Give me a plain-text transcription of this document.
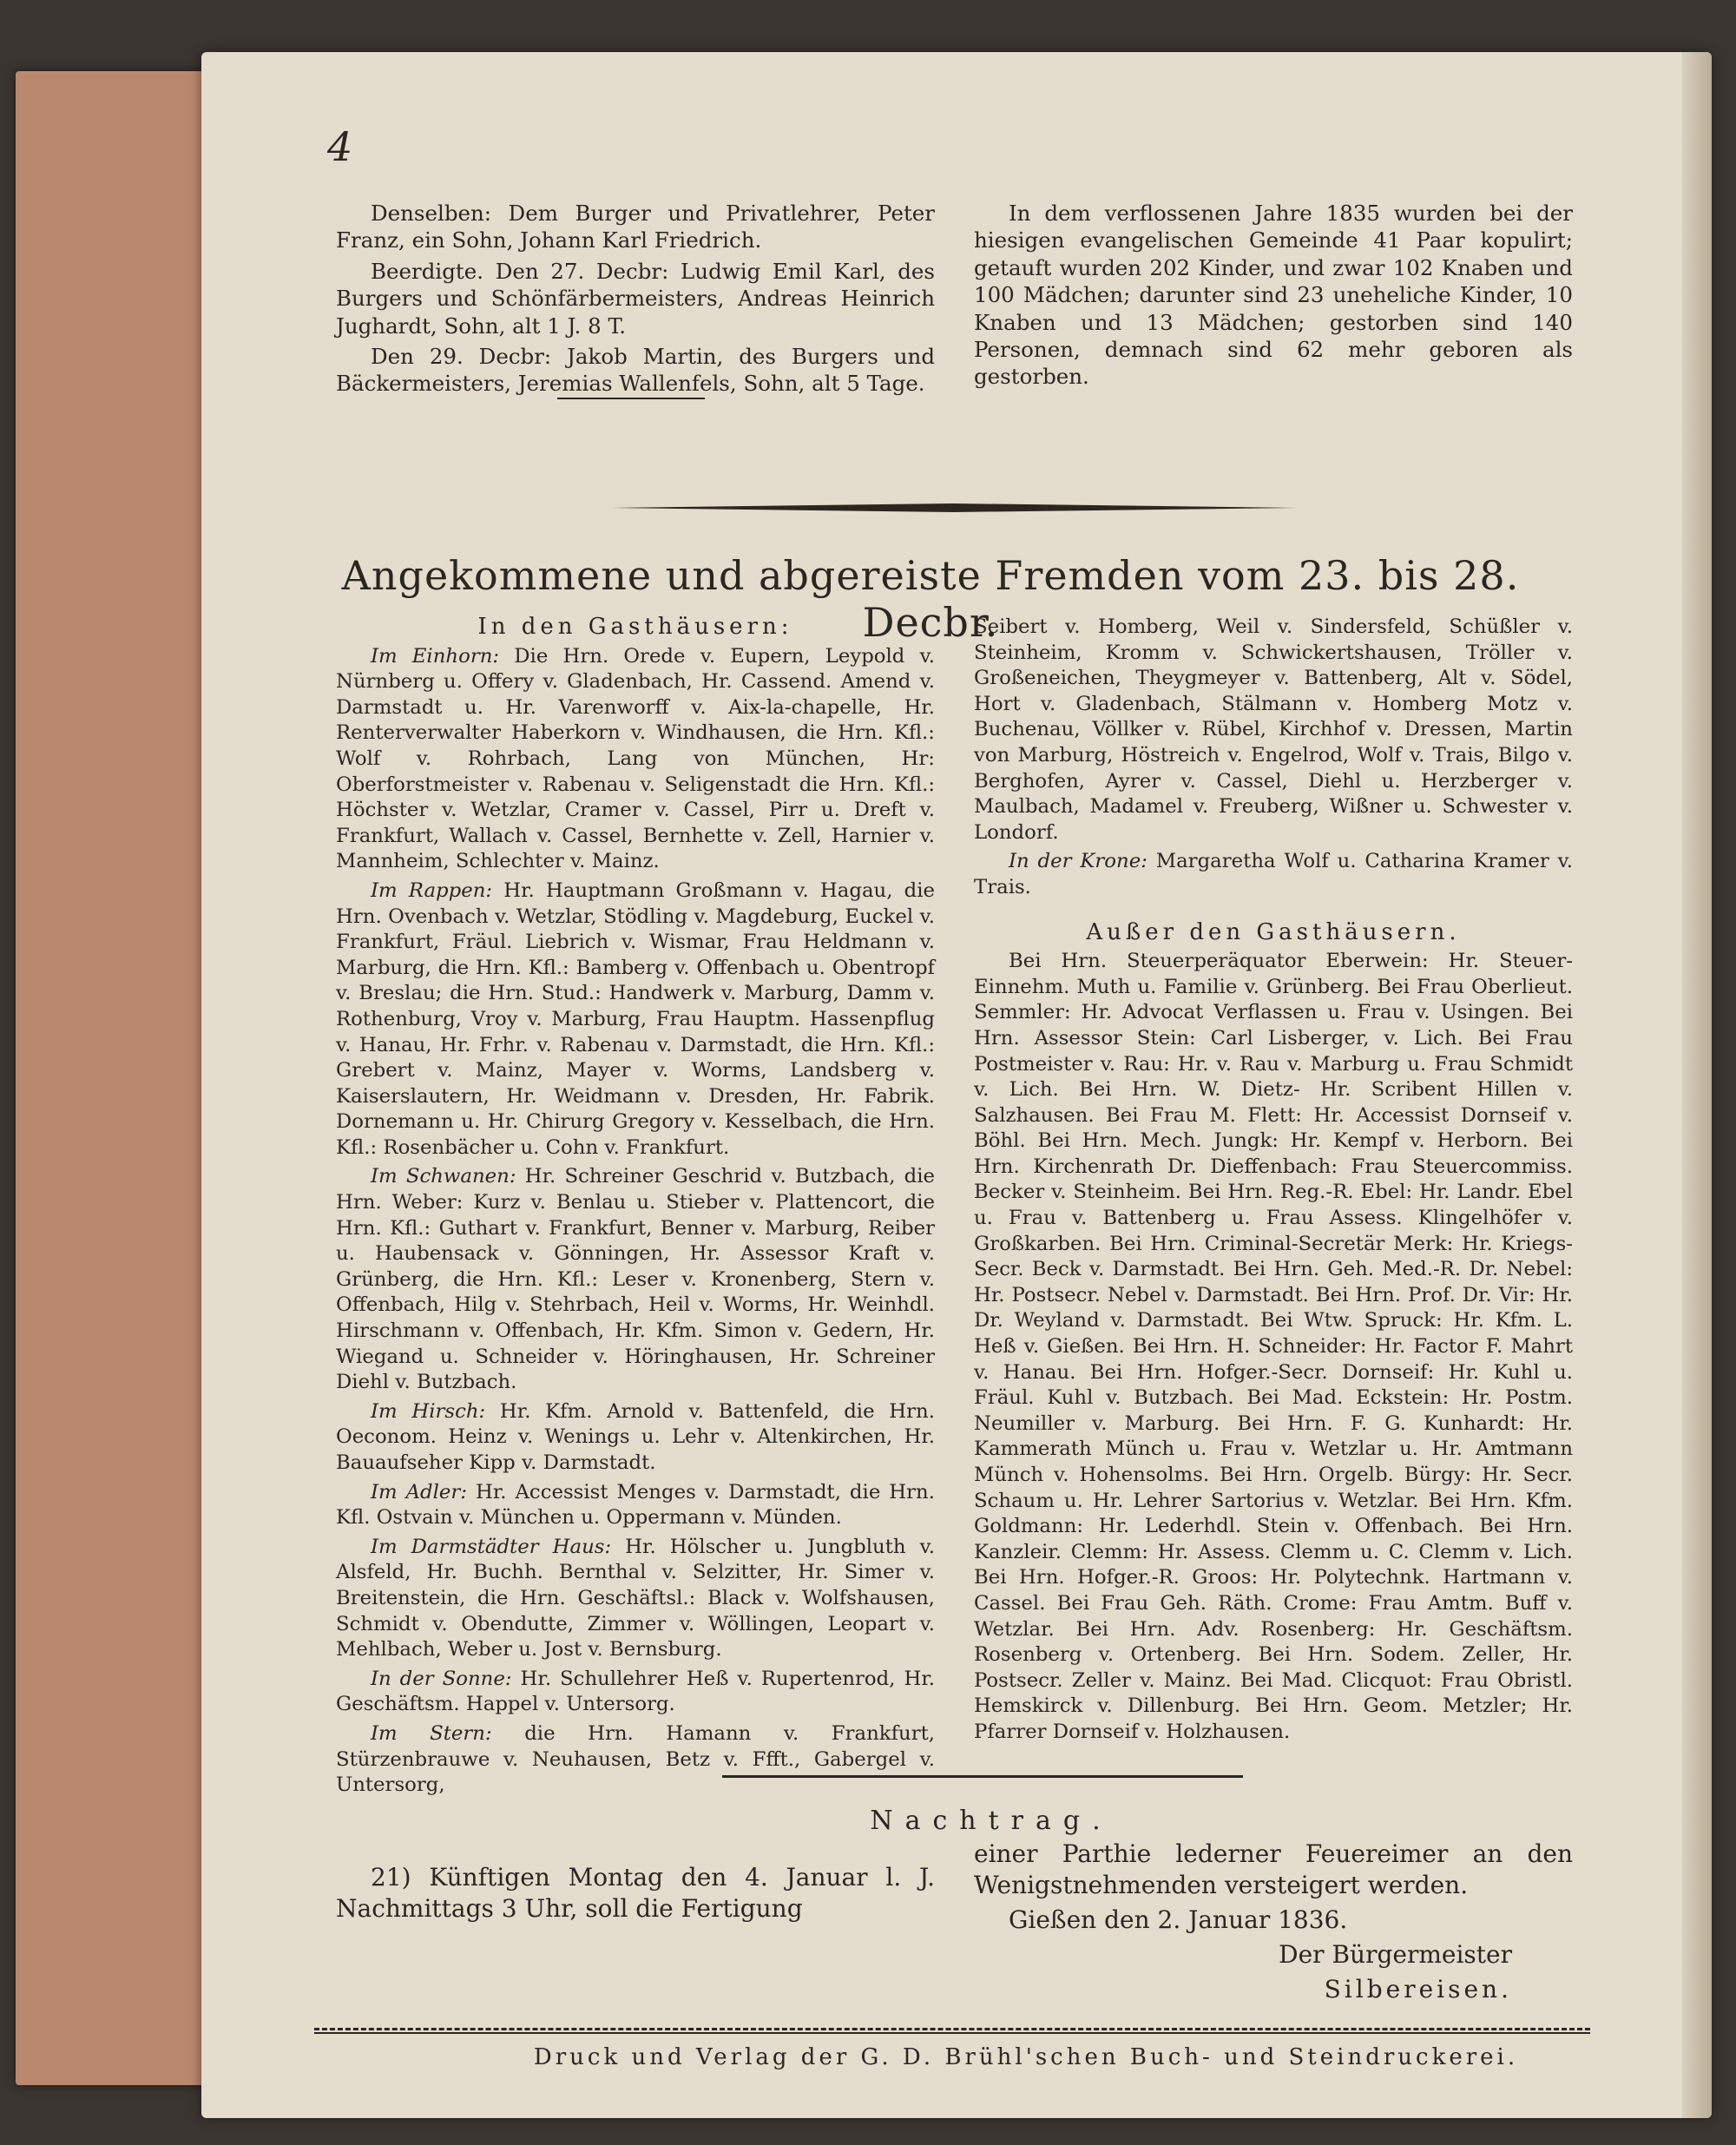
4

Denselben: Dem Burger und Privatlehrer, Peter Franz, ein Sohn, Johann Karl Friedrich.

Beerdigte. Den 27. Decbr: Ludwig Emil Karl, des Burgers und Schönfärbermeisters, Andreas Heinrich Jughardt, Sohn, alt 1 J. 8 T.

Den 29. Decbr: Jakob Martin, des Burgers und Bäckermeisters, Jeremias Wallenfels, Sohn, alt 5 Tage.

In dem verflossenen Jahre 1835 wurden bei der hiesigen evangelischen Gemeinde 41 Paar kopulirt; getauft wurden 202 Kinder, und zwar 102 Knaben und 100 Mädchen; darunter sind 23 uneheliche Kinder, 10 Knaben und 13 Mädchen; gestorben sind 140 Personen, demnach sind 62 mehr geboren als gestorben.

Angekommene und abgereiste Fremden vom 23. bis 28. Decbr.

In den Gasthäusern:

Im Einhorn: Die Hrn. Orede v. Eupern, Leypold v. Nürnberg u. Offery v. Gladenbach, Hr. Cassend. Amend v. Darmstadt u. Hr. Varenworff v. Aix-la-chapelle, Hr. Renterverwalter Haberkorn v. Windhausen, die Hrn. Kfl.: Wolf v. Rohrbach, Lang von München, Hr: Oberforstmeister v. Rabenau v. Seligenstadt die Hrn. Kfl.: Höchster v. Wetzlar, Cramer v. Cassel, Pirr u. Dreft v. Frankfurt, Wallach v. Cassel, Bernhette v. Zell, Harnier v. Mannheim, Schlechter v. Mainz.

Im Rappen: Hr. Hauptmann Großmann v. Hagau, die Hrn. Ovenbach v. Wetzlar, Stödling v. Magdeburg, Euckel v. Frankfurt, Fräul. Liebrich v. Wismar, Frau Heldmann v. Marburg, die Hrn. Kfl.: Bamberg v. Offenbach u. Obentropf v. Breslau; die Hrn. Stud.: Handwerk v. Marburg, Damm v. Rothenburg, Vroy v. Marburg, Frau Hauptm. Hassenpflug v. Hanau, Hr. Frhr. v. Rabenau v. Darmstadt, die Hrn. Kfl.: Grebert v. Mainz, Mayer v. Worms, Landsberg v. Kaiserslautern, Hr. Weidmann v. Dresden, Hr. Fabrik. Dornemann u. Hr. Chirurg Gregory v. Kesselbach, die Hrn. Kfl.: Rosenbächer u. Cohn v. Frankfurt.

Im Schwanen: Hr. Schreiner Geschrid v. Butzbach, die Hrn. Weber: Kurz v. Benlau u. Stieber v. Plattencort, die Hrn. Kfl.: Guthart v. Frankfurt, Benner v. Marburg, Reiber u. Haubensack v. Gönningen, Hr. Assessor Kraft v. Grünberg, die Hrn. Kfl.: Leser v. Kronenberg, Stern v. Offenbach, Hilg v. Stehrbach, Heil v. Worms, Hr. Weinhdl. Hirschmann v. Offenbach, Hr. Kfm. Simon v. Gedern, Hr. Wiegand u. Schneider v. Höringhausen, Hr. Schreiner Diehl v. Butzbach.

Im Hirsch: Hr. Kfm. Arnold v. Battenfeld, die Hrn. Oeconom. Heinz v. Wenings u. Lehr v. Altenkirchen, Hr. Bauaufseher Kipp v. Darmstadt.

Im Adler: Hr. Accessist Menges v. Darmstadt, die Hrn. Kfl. Ostvain v. München u. Oppermann v. Münden.

Im Darmstädter Haus: Hr. Hölscher u. Jungbluth v. Alsfeld, Hr. Buchh. Bernthal v. Selzitter, Hr. Simer v. Breitenstein, die Hrn. Geschäftsl.: Black v. Wolfshausen, Schmidt v. Obendutte, Zimmer v. Wöllingen, Leopart v. Mehlbach, Weber u. Jost v. Bernsburg.

In der Sonne: Hr. Schullehrer Heß v. Rupertenrod, Hr. Geschäftsm. Happel v. Untersorg.

Im Stern: die Hrn. Hamann v. Frankfurt, Stürzenbrauwe v. Neuhausen, Betz v. Ffft., Gabergel v. Untersorg,

Seibert v. Homberg, Weil v. Sindersfeld, Schüßler v. Steinheim, Kromm v. Schwickertshausen, Tröller v. Großeneichen, Theygmeyer v. Battenberg, Alt v. Södel, Hort v. Gladenbach, Stälmann v. Homberg Motz v. Buchenau, Völlker v. Rübel, Kirchhof v. Dressen, Martin von Marburg, Höstreich v. Engelrod, Wolf v. Trais, Bilgo v. Berghofen, Ayrer v. Cassel, Diehl u. Herzberger v. Maulbach, Madamel v. Freuberg, Wißner u. Schwester v. Londorf.

In der Krone: Margaretha Wolf u. Catharina Kramer v. Trais.

Außer den Gasthäusern.

Bei Hrn. Steuerperäquator Eberwein: Hr. Steuer-Einnehm. Muth u. Familie v. Grünberg. Bei Frau Oberlieut. Semmler: Hr. Advocat Verflassen u. Frau v. Usingen. Bei Hrn. Assessor Stein: Carl Lisberger, v. Lich. Bei Frau Postmeister v. Rau: Hr. v. Rau v. Marburg u. Frau Schmidt v. Lich. Bei Hrn. W. Dietz- Hr. Scribent Hillen v. Salzhausen. Bei Frau M. Flett: Hr. Accessist Dornseif v. Böhl. Bei Hrn. Mech. Jungk: Hr. Kempf v. Herborn. Bei Hrn. Kirchenrath Dr. Dieffenbach: Frau Steuercommiss. Becker v. Steinheim. Bei Hrn. Reg.-R. Ebel: Hr. Landr. Ebel u. Frau v. Battenberg u. Frau Assess. Klingelhöfer v. Großkarben. Bei Hrn. Criminal-Secretär Merk: Hr. Kriegs-Secr. Beck v. Darmstadt. Bei Hrn. Geh. Med.-R. Dr. Nebel: Hr. Postsecr. Nebel v. Darmstadt. Bei Hrn. Prof. Dr. Vir: Hr. Dr. Weyland v. Darmstadt. Bei Wtw. Spruck: Hr. Kfm. L. Heß v. Gießen. Bei Hrn. H. Schneider: Hr. Factor F. Mahrt v. Hanau. Bei Hrn. Hofger.-Secr. Dornseif: Hr. Kuhl u. Fräul. Kuhl v. Butzbach. Bei Mad. Eckstein: Hr. Postm. Neumiller v. Marburg. Bei Hrn. F. G. Kunhardt: Hr. Kammerath Münch u. Frau v. Wetzlar u. Hr. Amtmann Münch v. Hohensolms. Bei Hrn. Orgelb. Bürgy: Hr. Secr. Schaum u. Hr. Lehrer Sartorius v. Wetzlar. Bei Hrn. Kfm. Goldmann: Hr. Lederhdl. Stein v. Offenbach. Bei Hrn. Kanzleir. Clemm: Hr. Assess. Clemm u. C. Clemm v. Lich. Bei Hrn. Hofger.-R. Groos: Hr. Polytechnk. Hartmann v. Cassel. Bei Frau Geh. Räth. Crome: Frau Amtm. Buff v. Wetzlar. Bei Hrn. Adv. Rosenberg: Hr. Geschäftsm. Rosenberg v. Ortenberg. Bei Hrn. Sodem. Zeller, Hr. Postsecr. Zeller v. Mainz. Bei Mad. Clicquot: Frau Obristl. Hemskirck v. Dillenburg. Bei Hrn. Geom. Metzler; Hr. Pfarrer Dornseif v. Holzhausen.

Nachtrag.

21) Künftigen Montag den 4. Januar l. J. Nachmittags 3 Uhr, soll die Fertigung

einer Parthie lederner Feuereimer an den Wenigstnehmenden versteigert werden.

Gießen den 2. Januar 1836.

Der Bürgermeister

Silbereisen.

Druck und Verlag der G. D. Brühl'schen Buch- und Steindruckerei.
